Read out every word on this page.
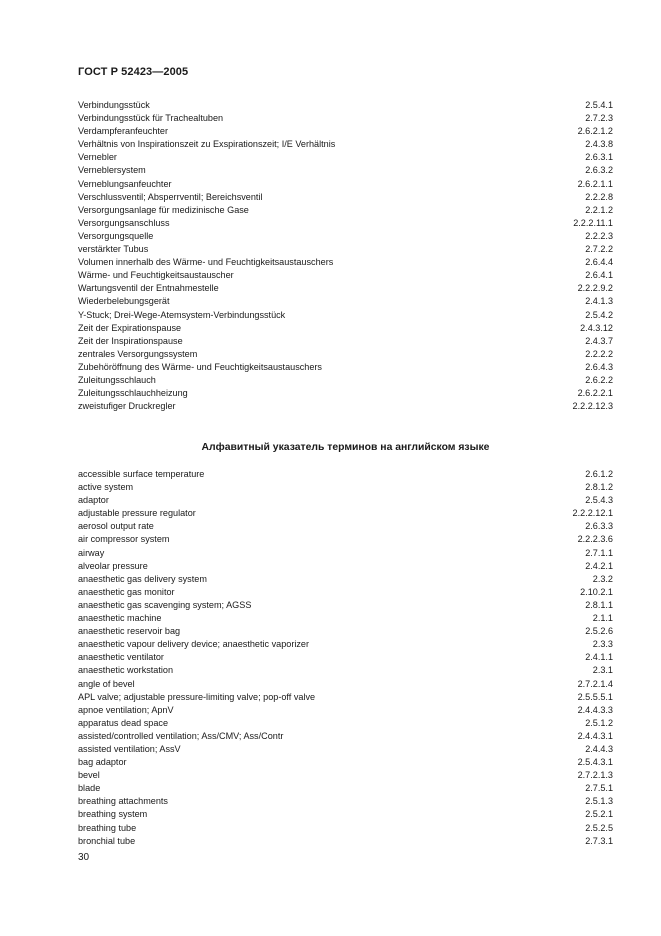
ГОСТ Р 52423—2005
Verbindungsstück	2.5.4.1
Verbindungsstück für Trachealtuben	2.7.2.3
Verdampferanfeuchter	2.6.2.1.2
Verhältnis von Inspirationszeit zu Exspirationszeit; I/E Verhältnis	2.4.3.8
Vernebler	2.6.3.1
Verneblersystem	2.6.3.2
Verneblungsanfeuchter	2.6.2.1.1
Verschlussventil; Absperrventil; Bereichsventil	2.2.2.8
Versorgungsanlage für medizinische Gase	2.2.1.2
Versorgungsanschluss	2.2.2.11.1
Versorgungsquelle	2.2.2.3
verstärkter Tubus	2.7.2.2
Volumen innerhalb des Wärme- und Feuchtigkeitsaustauschers	2.6.4.4
Wärme- und Feuchtigkeitsaustauscher	2.6.4.1
Wartungsventil der Entnahmestelle	2.2.2.9.2
Wiederbelebungsgerät	2.4.1.3
Y-Stuck; Drei-Wege-Atemsystem-Verbindungsstück	2.5.4.2
Zeit der Expirationspause	2.4.3.12
Zeit der Inspirationspause	2.4.3.7
zentrales Versorgungssystem	2.2.2.2
Zubehöröffnung des Wärme- und Feuchtigkeitsaustauschers	2.6.4.3
Zuleitungsschlauch	2.6.2.2
Zuleitungsschlauchheizung	2.6.2.2.1
zweistufiger Druckregler	2.2.2.12.3
Алфавитный указатель терминов на английском языке
accessible surface temperature	2.6.1.2
active system	2.8.1.2
adaptor	2.5.4.3
adjustable pressure regulator	2.2.2.12.1
aerosol output rate	2.6.3.3
air compressor system	2.2.2.3.6
airway	2.7.1.1
alveolar pressure	2.4.2.1
anaesthetic gas delivery system	2.3.2
anaesthetic gas monitor	2.10.2.1
anaesthetic gas scavenging system; AGSS	2.8.1.1
anaesthetic machine	2.1.1
anaesthetic reservoir bag	2.5.2.6
anaesthetic vapour delivery device; anaesthetic vaporizer	2.3.3
anaesthetic ventilator	2.4.1.1
anaesthetic workstation	2.3.1
angle of bevel	2.7.2.1.4
APL valve; adjustable pressure-limiting valve; pop-off valve	2.5.5.5.1
apnoe ventilation; ApnV	2.4.4.3.3
apparatus dead space	2.5.1.2
assisted/controlled ventilation; Ass/CMV; Ass/Contr	2.4.4.3.1
assisted ventilation; AssV	2.4.4.3
bag adaptor	2.5.4.3.1
bevel	2.7.2.1.3
blade	2.7.5.1
breathing attachments	2.5.1.3
breathing system	2.5.2.1
breathing tube	2.5.2.5
bronchial tube	2.7.3.1
30
